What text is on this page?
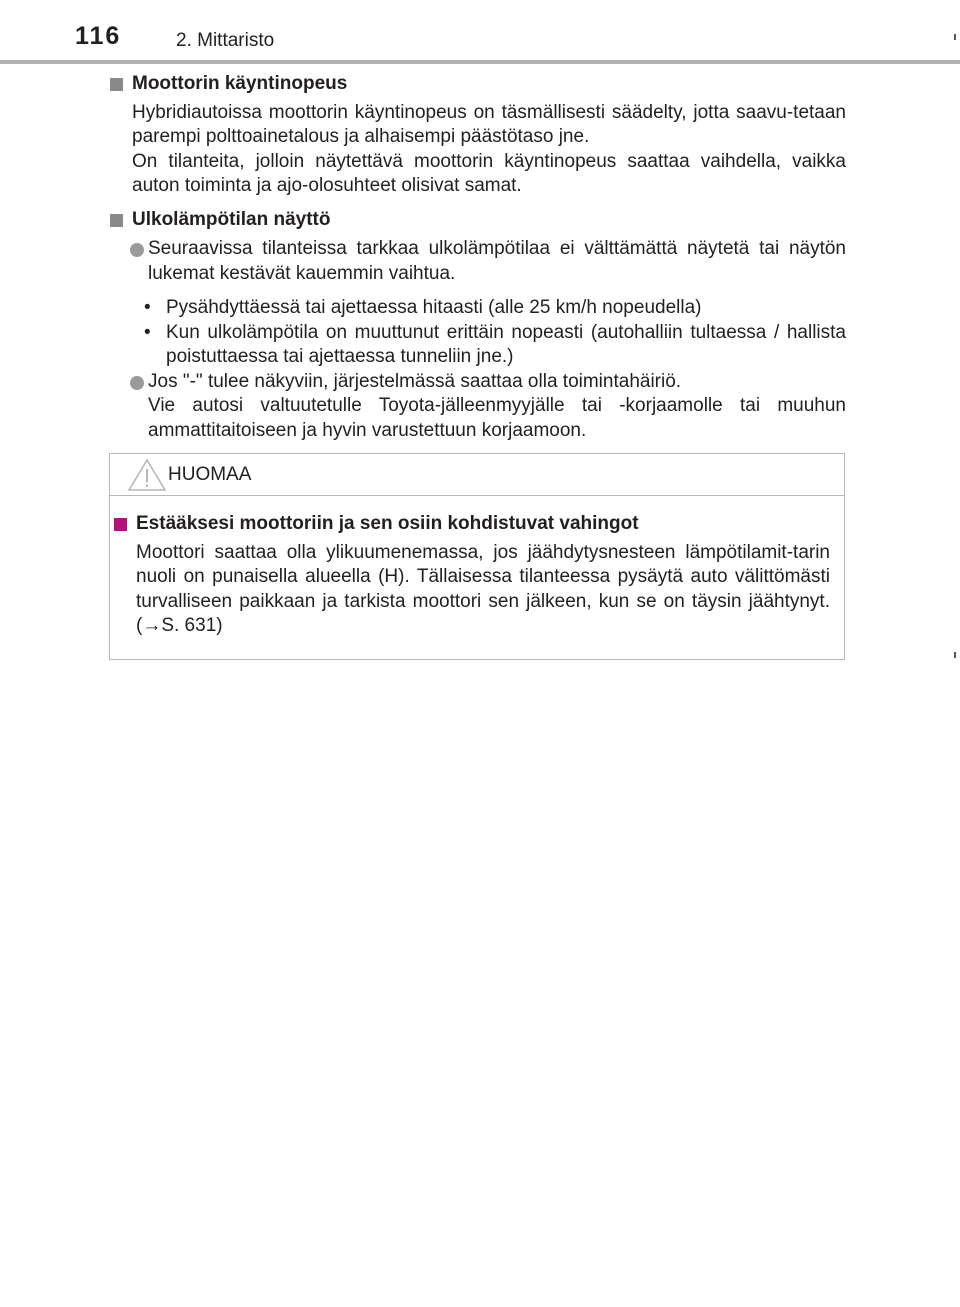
116	2. Mittaristo
Moottorin käyntinopeus

Hybridiautoissa moottorin käyntinopeus on täsmällisesti säädelty, jotta saavu-tetaan parempi polttoainetalous ja alhaisempi päästötaso jne.

On tilanteita, jolloin näytettävä moottorin käyntinopeus saattaa vaihdella, vaikka auton toiminta ja ajo-olosuhteet olisivat samat.

Ulkolämpötilan näyttö
Seuraavissa tilanteissa tarkkaa ulkolämpötilaa ei välttämättä näytetä tai näytön lukemat kestävät kauemmin vaihtua.
• Pysähdyttäessä tai ajettaessa hitaasti (alle 25 km/h nopeudella)
• Kun ulkolämpötila on muuttunut erittäin nopeasti (autohalliin tultaessa / hallista poistuttaessa tai ajettaessa tunneliin jne.)
Jos "-" tulee näkyviin, järjestelmässä saattaa olla toimintahäiriö.
Vie autosi valtuutetulle Toyota-jälleenmyyjälle tai -korjaamolle tai muuhun ammattitaitoiseen ja hyvin varustettuun korjaamoon.
HUOMAA
Estääksesi moottoriin ja sen osiin kohdistuvat vahingot

Moottori saattaa olla ylikuumenemassa, jos jäähdytysnesteen lämpötilamit-tarin nuoli on punaisella alueella (H). Tällaisessa tilanteessa pysäytä auto välittömästi turvalliseen paikkaan ja tarkista moottori sen jälkeen, kun se on täysin jäähtynyt. (→S. 631)
